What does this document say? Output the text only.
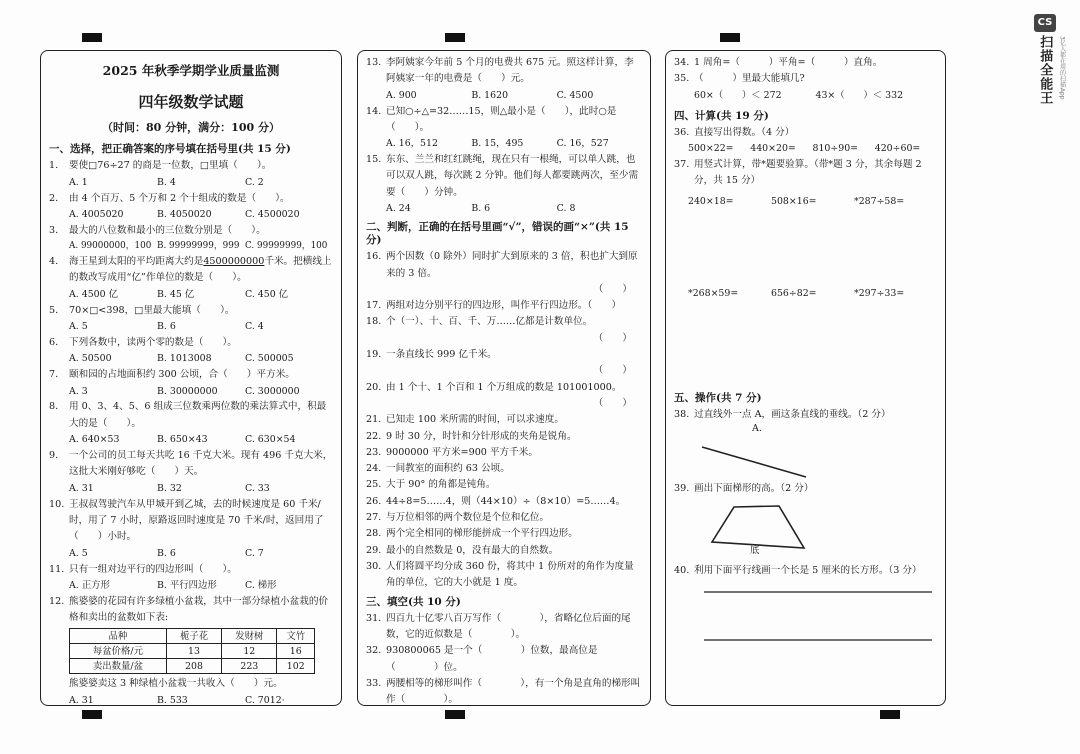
CS
扫描全能王 3亿人都在用的扫描App
2025 年秋季学期学业质量监测
四年级数学试题
（时间：80 分钟，满分：100 分）
一、选择，把正确答案的序号填在括号里(共 15 分)
1.	要使□76÷27 的商是一位数，□里填（　　）。
A. 1	B. 4	C. 2
2.	由 4 个百万、5 个万和 2 个十组成的数是（　　）。
A. 4005020	B. 4050020	C. 4500020
3.	最大的八位数和最小的三位数分别是（　　）。
A. 99000000，100 B. 99999999，999 C. 99999999，100
4.	海王星到太阳的平均距离大约是4500000000千米。把横线上的数改写成用“亿”作单位的数是（　　）。
A. 4500 亿	B. 45 亿	C. 450 亿
5.	70×□<398，□里最大能填（　　）。
A. 5	B. 6	C. 4
6.	下列各数中，读两个零的数是（　　）。
A. 50500	B. 1013008	C. 500005
7.	颐和园的占地面积约 300 公顷，合（　　）平方米。
A. 3	B. 30000000	C. 3000000
8.	用 0、3、4、5、6 组成三位数乘两位数的乘法算式中，积最大的是（　　）。
A. 640×53	B. 650×43	C. 630×54
9.	一个公司的员工每天共吃 16 千克大米。现有 496 千克大米，这批大米刚好够吃（　　）天。
A. 31	B. 32	C. 33
10. 王叔叔驾驶汽车从甲城开到乙城，去的时候速度是 60 千米/时，用了 7 小时，原路返回时速度是 70 千米/时，返回用了（　　）小时。
A. 5	B. 6	C. 7
11. 只有一组对边平行的四边形叫（　　）。
A. 正方形	B. 平行四边形	C. 梯形
12. 熊婆婆的花园有许多绿植小盆栽，其中一部分绿植小盆栽的价格和卖出的盆数如下表:
品种	栀子花	发财树	文竹
每盆价格/元	13	12	16
卖出数量/盆	208	223	102
熊婆婆卖这 3 种绿植小盆栽一共收入（　　）元。
A. 31	B. 533	C. 7012·
13. 李阿姨家今年前 5 个月的电费共 675 元。照这样计算，李阿姨家一年的电费是（　　）元。
A. 900	B. 1620	C. 4500
14. 已知○÷△=32……15，则△最小是（　　），此时○是（　　）。
A. 16，512	B. 15，495	C. 16，527
15. 东东、兰兰和红红跳绳，现在只有一根绳，可以单人跳，也可以双人跳，每次跳 2 分钟。他们每人都要跳两次，至少需要（　　）分钟。
A. 24	B. 6	C. 8
二、判断，正确的在括号里画“√”，错误的画“×”(共 15 分)
16. 两个因数（0 除外）同时扩大到原来的 3 倍，积也扩大到原来的 3 倍。
（　　）
17. 两组对边分别平行的四边形，叫作平行四边形。（　　）
18. 个（一）、十、百、千、万……亿都是计数单位。
（　　）
19. 一条直线长 999 亿千米。
（　　）
20. 由 1 个十、1 个百和 1 个万组成的数是 101001000。
（　　）
21. 已知走 100 米所需的时间，可以求速度。
22. 9 时 30 分，时针和分针形成的夹角是锐角。
23. 9000000 平方米=900 平方千米。
24. 一间教室的面积约 63 公顷。
25. 大于 90° 的角都是钝角。
26. 44÷8=5……4，则（44×10）÷（8×10）=5……4。
27. 与万位相邻的两个数位是个位和亿位。
28. 两个完全相同的梯形能拼成一个平行四边形。
29. 最小的自然数是 0，没有最大的自然数。
30. 人们将圆平均分成 360 份，将其中 1 份所对的角作为度量角的单位，它的大小就是 1 度。
三、填空(共 10 分)
31. 四百九十亿零八百万写作（　　　　），省略亿位后面的尾数，它的近似数是（　　　　）。
32. 930800065 是一个（　　　　）位数，最高位是（　　　　）位。
33. 两腰相等的梯形叫作（　　　　），有一个角是直角的梯形叫作（　　　　）。
34. 1 周角=（　　　）平角=（　　　）直角。
35. （　　　）里最大能填几?
60×（　　）＜ 272	43×（　　）＜ 332
四、计算(共 19 分)
36. 直接写出得数。（4 分）
500×22=	440×20=	810÷90=	420÷60=
37. 用竖式计算，带*题要验算。（带*题 3 分，其余每题 2 分，共 15 分）
240×18=	508×16=	*287÷58=
*268×59=	656÷82=	*297÷33=
五、操作(共 7 分)
38. 过直线外一点 A，画这条直线的垂线。（2 分）
A.
39. 画出下面梯形的高。（2 分）
底
40. 利用下面平行线画一个长是 5 厘米的长方形。（3 分）
